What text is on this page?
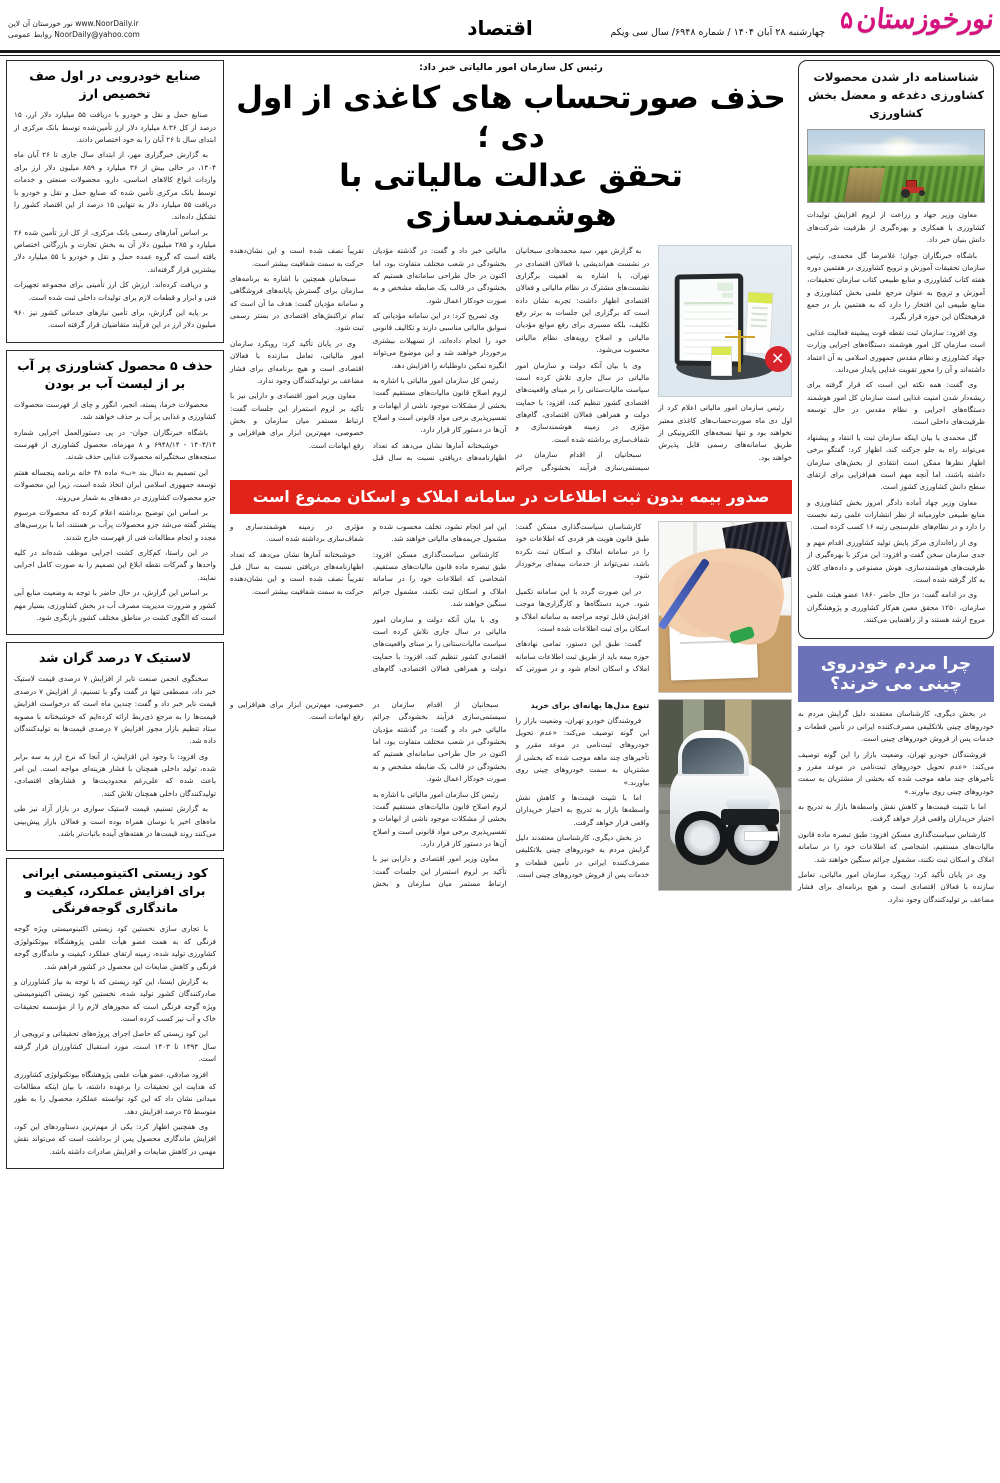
نورخوزستان
۵
چهارشنبه ۲۸ آبان ۱۴۰۴ / شماره ۶۹۴۸/ سال سی ویکم
اقتصاد
نور خوزستان آن لاین www.NoorDaily.ir
روابط عمومی NoorDaily@yahoo.com
شناسنامه دار شدن محصولات کشاورزی دغدغه و معضل بخش کشاورزی

معاون وزیر جهاد و زراعت از لزوم افزایش تولیدات کشاورزی با همکاری و بهره‌گیری از ظرفیت شرکت‌های دانش بنیان خبر داد.

باشگاه خبرنگاران جوان؛ غلامرضا گل محمدی، رئیس سازمان تحقیقات آموزش و ترویج کشاورزی در هفتمین دوره هفته کتاب کشاورزی و منابع طبیعی کتاب‌ سازمان تحقیقات، آموزش و ترویج به عنوان مرجع علمی بخش کشاورزی و منابع طبیعی این افتخار را دارد که به هفتمین بار در جمع فرهیختگان این حوزه قرار بگیرد.

وی افزود: سازمان ثبت نقطه قوت پیشینه فعالیت غذایی است سازمان کل امور هوشمند دستگاه‌های اجرایی وزارت جهاد کشاورزی و نظام مقدس جمهوری اسلامی به آن اعتماد داشته‌اند و آن را محور تقویت غذایی پایدار می‌داند.

وی گفت: همه نکته این است که قرار گرفته برای ریشه‌دار شدن امنیت غذایی است سازمان کل امور هوشمند دستگاه‌های اجرایی و نظام مقدس در حال توسعه ظرفیت‌های داخلی است.

گل محمدی با بیان اینکه سازمان ثبت با انتقاد و پیشنهاد می‌تواند راه به جلو حرکت کند، اظهار کرد: گفتگو برخی اظهار نظرها ممکن است انتقادی از بخش‌های سازمان داشته باشند، اما آنچه مهم است هم‌افزایی برای ارتقای سطح دانش کشاورزی کشور است.

معاون وزیر جهاد آماده دادگر امروز بخش کشاورزی و منابع طبیعی خاورمیانه از نظر انتشارات علمی رتبه نخست را دارد و در نظام‌های علم‌سنجی رتبه ۱۶ کسب کرده است.

وی از راه‌اندازی مرکز پایش تولید کشاورزی اقدام مهم و جدی سازمان سخن گفت و افزود: این مرکز با بهره‌گیری از ظرفیت‌های هوشمندسازی، هوش مصنوعی و داده‌های کلان به کار گرفته شده است.

وی در ادامه گفت: در حال حاضر ۱۸۶۰ عضو هیئت علمی سازمان، ۱۲۵۰ محقق معین هم‌کار کشاورزی و پژوهشگران مروج ارشد هستند و از راهنمایی می‌کنند.

چرا مردم خودروی چینی می خرند؟

در بخش دیگری، کارشناسان معتقدند دلیل گرایش مردم به خودروهای چینی بلاتکلیفی مصرف‌کننده ایرانی در تأمین قطعات و خدمات پس از فروش خودروهای چینی است.

فروشندگان خودرو تهران، وضعیت بازار را این گونه توصیف می‌کند: «عدم تحویل خودروهای ثبت‌نامی در موعد مقرر و تأخیرهای چند ماهه موجب شده که بخشی از مشتریان به سمت خودروهای چینی روی بیاورند.»

اما با تثبیت قیمت‌ها و کاهش نقش واسطه‌ها بازار به تدریج به اختیار خریداران واقعی قرار خواهد گرفت.

کارشناس سیاست‌گذاری مسکن افزود: طبق تبصره ماده قانون مالیات‌های مستقیم، اشخاصی که اطلاعات خود را در سامانه املاک و اسکان ثبت نکنند، مشمول جرائم سنگین خواهند شد.

وی در پایان تأکید کرد: رویکرد سازمان امور مالیاتی، تعامل سازنده با فعالان اقتصادی است و هیچ برنامه‌ای برای فشار مضاعف بر تولیدکنندگان وجود ندارد.

رئیس کل سازمان امور مالیاتی خبر داد:
حذف صورتحساب های کاغذی از اول دی ؛
تحقق عدالت مالیاتی با هوشمندسازی
✕

رئیس سازمان امور مالیاتی اعلام کرد از اول دی ماه صورت‌حساب‌های کاغذی معتبر نخواهند بود و تنها نسخه‌های الکترونیکی از طریق سامانه‌های رسمی قابل پذیرش خواهند بود.

به گزارش مهر، سید محمدهادی سبحانیان در نشست هم‌اندیشی با فعالان اقتصادی در تهران، با اشاره به اهمیت برگزاری نشست‌های مشترک در نظام مالیاتی و فعالان اقتصادی اظهار داشت: تجربه نشان داده است که برگزاری این جلسات به برتر رفع تکلیف، بلکه مسیری برای رفع موانع مؤدیان مالیاتی و اصلاح رویه‌های نظام مالیاتی محسوب می‌شود.

وی با بیان آنکه دولت و سازمان امور مالیاتی در سال جاری تلاش کرده است سیاست مالیات‌ستانی را بر مبنای واقعیت‌های اقتصادی کشور تنظیم کند، افزود: با حمایت دولت و همراهی فعالان اقتصادی، گام‌های مؤثری در زمینه هوشمندسازی و شفاف‌سازی برداشته شده است.

سبحانیان از اقدام سازمان در سیستمی‌سازی فرآیند بخشودگی جرائم مالیاتی خبر داد و گفت: در گذشته مؤدیان بخشودگی در شعب مختلف متفاوت بود، اما اکنون در حال طراحی سامانه‌ای هستیم که بخشودگی در قالب یک ضابطه مشخص و به صورت خودکار اعمال شود.

وی تصریح کرد: در این سامانه مؤدیانی که سوابق مالیاتی مناسبی دارند و تکالیف قانونی خود را انجام داده‌اند، از تسهیلات بیشتری برخوردار خواهند شد و این موضوع می‌تواند انگیزه تمکین داوطلبانه را افزایش دهد.

رئیس کل سازمان امور مالیاتی با اشاره به لزوم اصلاح قانون مالیات‌های مستقیم گفت: بخشی از مشکلات موجود ناشی از ابهامات و تفسیرپذیری برخی مواد قانونی است و اصلاح آن‌ها در دستور کار قرار دارد.

خوشبختانه آمارها نشان می‌دهد که تعداد اظهارنامه‌های دریافتی نسبت به سال قبل تقریباً نصف شده است و این نشان‌دهنده حرکت به سمت شفافیت بیشتر است.

سبحانیان همچنین با اشاره به برنامه‌های سازمان برای گسترش پایانه‌های فروشگاهی و سامانه مؤدیان گفت: هدف ما آن است که تمام تراکنش‌های اقتصادی در بستر رسمی ثبت شود.

وی در پایان تأکید کرد: رویکرد سازمان امور مالیاتی، تعامل سازنده با فعالان اقتصادی است و هیچ برنامه‌ای برای فشار مضاعف بر تولیدکنندگان وجود ندارد.

معاون وزیر امور اقتصادی و دارایی نیز با تأکید بر لزوم استمرار این جلسات گفت: ارتباط مستمر میان سازمان و بخش خصوصی، مهم‌ترین ابزار برای هم‌افزایی و رفع ابهامات است.

صدور بیمه بدون ثبت اطلاعات در سامانه املاک و اسکان ممنوع است

کارشناسان سیاست‌گذاری مسکن گفت: طبق قانون هویت هر فردی که اطلاعات خود را در سامانه املاک و اسکان ثبت نکرده باشد، نمی‌تواند از خدمات بیمه‌ای برخوردار شود.

در این صورت گردد با این سامانه تکمیل شود. خرید دستگاه‌ها و کارگزاری‌ها موجب افزایش قابل توجه مراجعه به سامانه املاک و اسکان برای ثبت اطلاعات شده است.

گفت: طبق این دستور، تمامی نهادهای حوزه بیمه باید از طریق ثبت اطلاعات سامانه املاک و اسکان انجام شود و در صورتی که این امر انجام نشود، تخلف محسوب شده و مشمول جریمه‌های مالیاتی خواهند شد.

کارشناس سیاست‌گذاری مسکن افزود: طبق تبصره ماده قانون مالیات‌های مستقیم، اشخاصی که اطلاعات خود را در سامانه املاک و اسکان ثبت نکنند، مشمول جرائم سنگین خواهند شد.

وی با بیان آنکه دولت و سازمان امور مالیاتی در سال جاری تلاش کرده است سیاست مالیات‌ستانی را بر مبنای واقعیت‌های اقتصادی کشور تنظیم کند، افزود: با حمایت دولت و همراهی فعالان اقتصادی، گام‌های مؤثری در زمینه هوشمندسازی و شفاف‌سازی برداشته شده است.

خوشبختانه آمارها نشان می‌دهد که تعداد اظهارنامه‌های دریافتی نسبت به سال قبل تقریباً نصف شده است و این نشان‌دهنده حرکت به سمت شفافیت بیشتر است.

تنوع مدل‌ها بهانه‌ای برای خرید

فروشندگان خودرو تهران، وضعیت بازار را این گونه توصیف می‌کند: «عدم تحویل خودروهای ثبت‌نامی در موعد مقرر و تأخیرهای چند ماهه موجب شده که بخشی از مشتریان به سمت خودروهای چینی روی بیاورند.»

اما با تثبیت قیمت‌ها و کاهش نقش واسطه‌ها بازار به تدریج به اختیار خریداران واقعی قرار خواهد گرفت.

در بخش دیگری، کارشناسان معتقدند دلیل گرایش مردم به خودروهای چینی بلاتکلیفی مصرف‌کننده ایرانی در تأمین قطعات و خدمات پس از فروش خودروهای چینی است.

سبحانیان از اقدام سازمان در سیستمی‌سازی فرآیند بخشودگی جرائم مالیاتی خبر داد و گفت: در گذشته مؤدیان بخشودگی در شعب مختلف متفاوت بود، اما اکنون در حال طراحی سامانه‌ای هستیم که بخشودگی در قالب یک ضابطه مشخص و به صورت خودکار اعمال شود.

رئیس کل سازمان امور مالیاتی با اشاره به لزوم اصلاح قانون مالیات‌های مستقیم گفت: بخشی از مشکلات موجود ناشی از ابهامات و تفسیرپذیری برخی مواد قانونی است و اصلاح آن‌ها در دستور کار قرار دارد.

معاون وزیر امور اقتصادی و دارایی نیز با تأکید بر لزوم استمرار این جلسات گفت: ارتباط مستمر میان سازمان و بخش خصوصی، مهم‌ترین ابزار برای هم‌افزایی و رفع ابهامات است.

صنایع خودرویی در اول صف تخصیص ارز

صنایع حمل و نقل و خودرو با دریافت ۵۵ میلیارد دلار ارز، ۱۵ درصد از کل ۸.۳۶ میلیارد دلار ارز تأمین‌شده توسط بانک مرکزی از ابتدای سال تا ۲۶ آبان را به خود اختصاص دادند.

به گزارش خبرگزاری مهر، از ابتدای سال جاری تا ۲۶ آبان ماه ۱۴۰۴، در حالی بیش از ۳۶ میلیارد و ۸۵۹ میلیون دلار ارز برای واردات انواع کالاهای اساسی، دارو، محصولات صنعتی و خدمات توسط بانک مرکزی تأمین شده که صنایع حمل و نقل و خودرو با دریافت ۵۵ میلیارد دلار به تنهایی ۱۵ درصد از این اقتصاد کشور را تشکیل داده‌اند.

بر اساس آمارهای رسمی بانک مرکزی، از کل ارز تأمین شده ۲۶ میلیارد و ۲۸۵ میلیون دلار آن به بخش تجارت و بازرگانی اختصاص یافته است که گروه عمده حمل و نقل و خودرو با ۵۵ میلیارد دلار بیشترین قرار گرفته‌اند.

و دریافت کرده‌اند. ارزش کل ارز تأمینی برای مجموعه تجهیزات فنی و ابزار و قطعات لازم برای تولیدات داخلی ثبت شده است.

بر پایه این گزارش، برای تأمین نیازهای خدماتی کشور نیز ۹۶۰ میلیون دلار ارز در این فرآیند متقاضیان قرار گرفته است.

حذف ۵ محصول کشاورزی پر آب بر از لیست آب بر بودن

محصولات خرما، پسته، انجیر، انگور و چای از فهرست محصولات کشاورزی و غذایی پر آب بر حذف خواهند شد.

باشگاه خبرنگاران جوان- در پی دستورالعمل اجرایی شماره ۱۴۰۴/۱۴ - ۶۹۴۸/۱۴ و ۸ مهرماه، محصول کشاورزی از فهرست سنجه‌های سختگیرانه محصولات غذایی حذف شدند.

این تصمیم به دنبال بند «ب» ماده ۳۸ خانه برنامه پنجساله هفتم توسعه جمهوری اسلامی ایران اتخاذ شده است، زیرا این محصولات جزو محصولات کشاورزی در دهه‌های به شمار می‌روند.

بر اساس این توضیح برداشته اعلام کرده که محصولات مرسوم پیشتر گفته می‌شد جزو محصولات پرآب بر هستند، اما با بررسی‌های مجدد و انجام مطالعات فنی از فهرست خارج شدند.

در این راستا، کم‌کاری کشت اجرایی موظف شده‌اند در کلیه واحدها و گمرکات نقطه ابلاغ این تصمیم را به صورت کامل اجرایی نمایند.

بر اساس این گزارش، در حال حاضر با توجه به وضعیت منابع آبی کشور و ضرورت مدیریت مصرف آب در بخش کشاورزی، بسیار مهم است که الگوی کشت در مناطق مختلف کشور بازنگری شود.

لاستیک ۷ درصد گران شد

سخنگوی انجمن صنعت تایر از افزایش ۷ درصدی قیمت لاستیک خبر داد، مصطفی تنها در گفت وگو با تسنیم، از افزایش ۷ درصدی قیمت تایر خبر داد و گفت: چندین ماه است که درخواست افزایش قیمت‌ها را به مرجع ذی‌ربط ارائه کرده‌ایم که خوشبختانه با مصوبه ستاد تنظیم بازار مجوز افزایش ۷ درصدی قیمت‌ها به تولیدکنندگان داده شد.

وی افزود: با وجود این افزایش، از آنجا که نرخ ارز به سه برابر شده، تولید داخلی همچنان با فشار هزینه‌ای مواجه است. این امر باعث شده که علی‌رغم محدودیت‌ها و فشارهای اقتصادی، تولیدکنندگان داخلی همچنان تلاش کنند.

به گزارش تسنیم، قیمت لاستیک سواری در بازار آزاد نیز طی ماه‌های اخیر با نوسان همراه بوده است و فعالان بازار پیش‌بینی می‌کنند روند قیمت‌ها در هفته‌های آینده باثبات‌تر باشد.

کود زیستی اکتینومیستی ایرانی برای افزایش عملکرد، کیفیت و ماندگاری گوجه‌فرنگی

با تجاری سازی نخستین کود زیستی اکتینومیستی ویژه گوجه فرنگی که به همت عضو هیأت علمی پژوهشگاه بیوتکنولوژی کشاورزی تولید شده، زمینه ارتقای عملکرد کیفیت و ماندگاری گوجه فرنگی و کاهش ضایعات این محصول در کشور فراهم شد.

به گزارش ایسنا، این کود زیستی که با توجه به نیاز کشاورزان و صادرکنندگان کشور تولید شده، نخستین کود زیستی اکتینومیستی ویژه گوجه فرنگی است که مجوزهای لازم را از مؤسسه تحقیقات خاک و آب نیز کسب کرده است.

این کود زیستی که حاصل اجرای پروژه‌های تحقیقاتی و ترویجی از سال ۱۳۹۴ تا ۱۴۰۳ است، مورد استقبال کشاورزان قرار گرفته است.

افزود صادقی، عضو هیأت علمی پژوهشگاه بیوتکنولوژی کشاورزی که هدایت این تحقیقات را برعهده داشته، با بیان اینکه مطالعات میدانی نشان داد که این کود توانسته عملکرد محصول را به طور متوسط ۲۵ درصد افزایش دهد.

وی همچنین اظهار کرد: یکی از مهم‌ترین دستاوردهای این کود، افزایش ماندگاری محصول پس از برداشت است که می‌تواند نقش مهمی در کاهش ضایعات و افزایش صادرات داشته باشد.
